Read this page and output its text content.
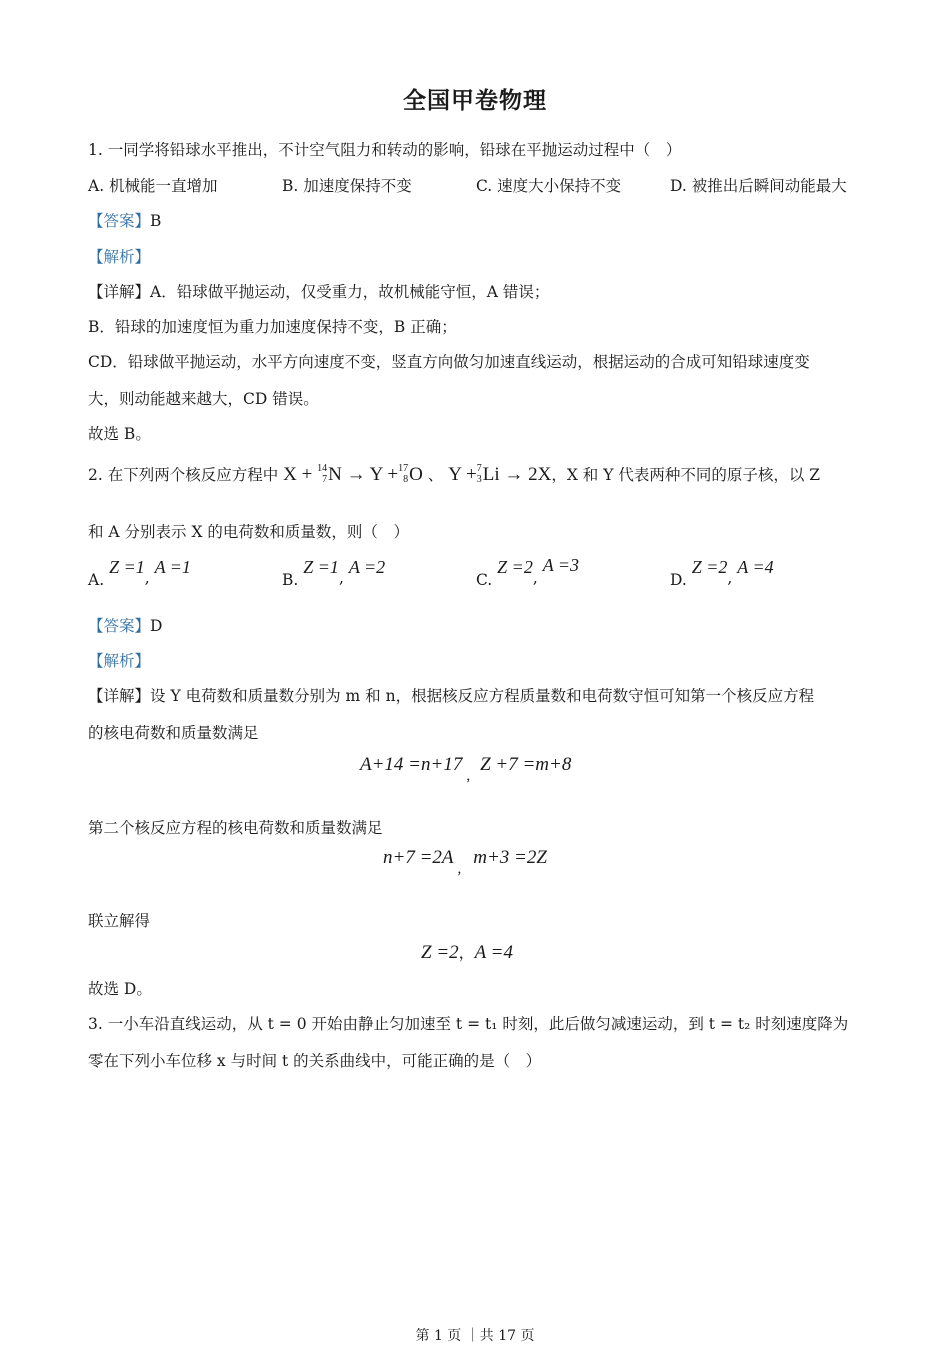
全国甲卷物理
1. 一同学将铅球水平推出，不计空气阻力和转动的影响，铅球在平抛运动过程中（　）
A. 机械能一直增加	B. 加速度保持不变	C. 速度大小保持不变	D. 被推出后瞬间动能最大
【答案】B
【解析】
【详解】A．铅球做平抛运动，仅受重力，故机械能守恒，A 错误；
B．铅球的加速度恒为重力加速度保持不变，B 正确；
CD．铅球做平抛运动，水平方向速度不变，竖直方向做匀加速直线运动，根据运动的合成可知铅球速度变
大，则动能越来越大，CD 错误。
故选 B。
2. 在下列两个核反应方程中 X + 14
7 N → Y + 17
8 O 、 Y + 7
3 Li → 2X，X 和 Y 代表两种不同的原子核，以 Z
和 A 分别表示 X 的电荷数和质量数，则（　）
A. Z =1, A =1
B. Z =1, A =2
C. Z =2, A =3
D. Z =2, A =4
【答案】D
【解析】
【详解】设 Y 电荷数和质量数分别为 m 和 n，根据核反应方程质量数和电荷数守恒可知第一个核反应方程
的核电荷数和质量数满足
$A+14 =n+17_,Z +7 =m+8$
第二个核反应方程的核电荷数和质量数满足
$n+7 =2A_,m+3 =2Z$
联立解得
Z =2，A =4
故选 D。
3. 一小车沿直线运动，从 t = 0 开始由静止匀加速至 t = t₁ 时刻，此后做匀减速运动，到 t = t₂ 时刻速度降为
零在下列小车位移 x 与时间 t 的关系曲线中，可能正确的是（　）
第 1 页 ｜共 17 页
